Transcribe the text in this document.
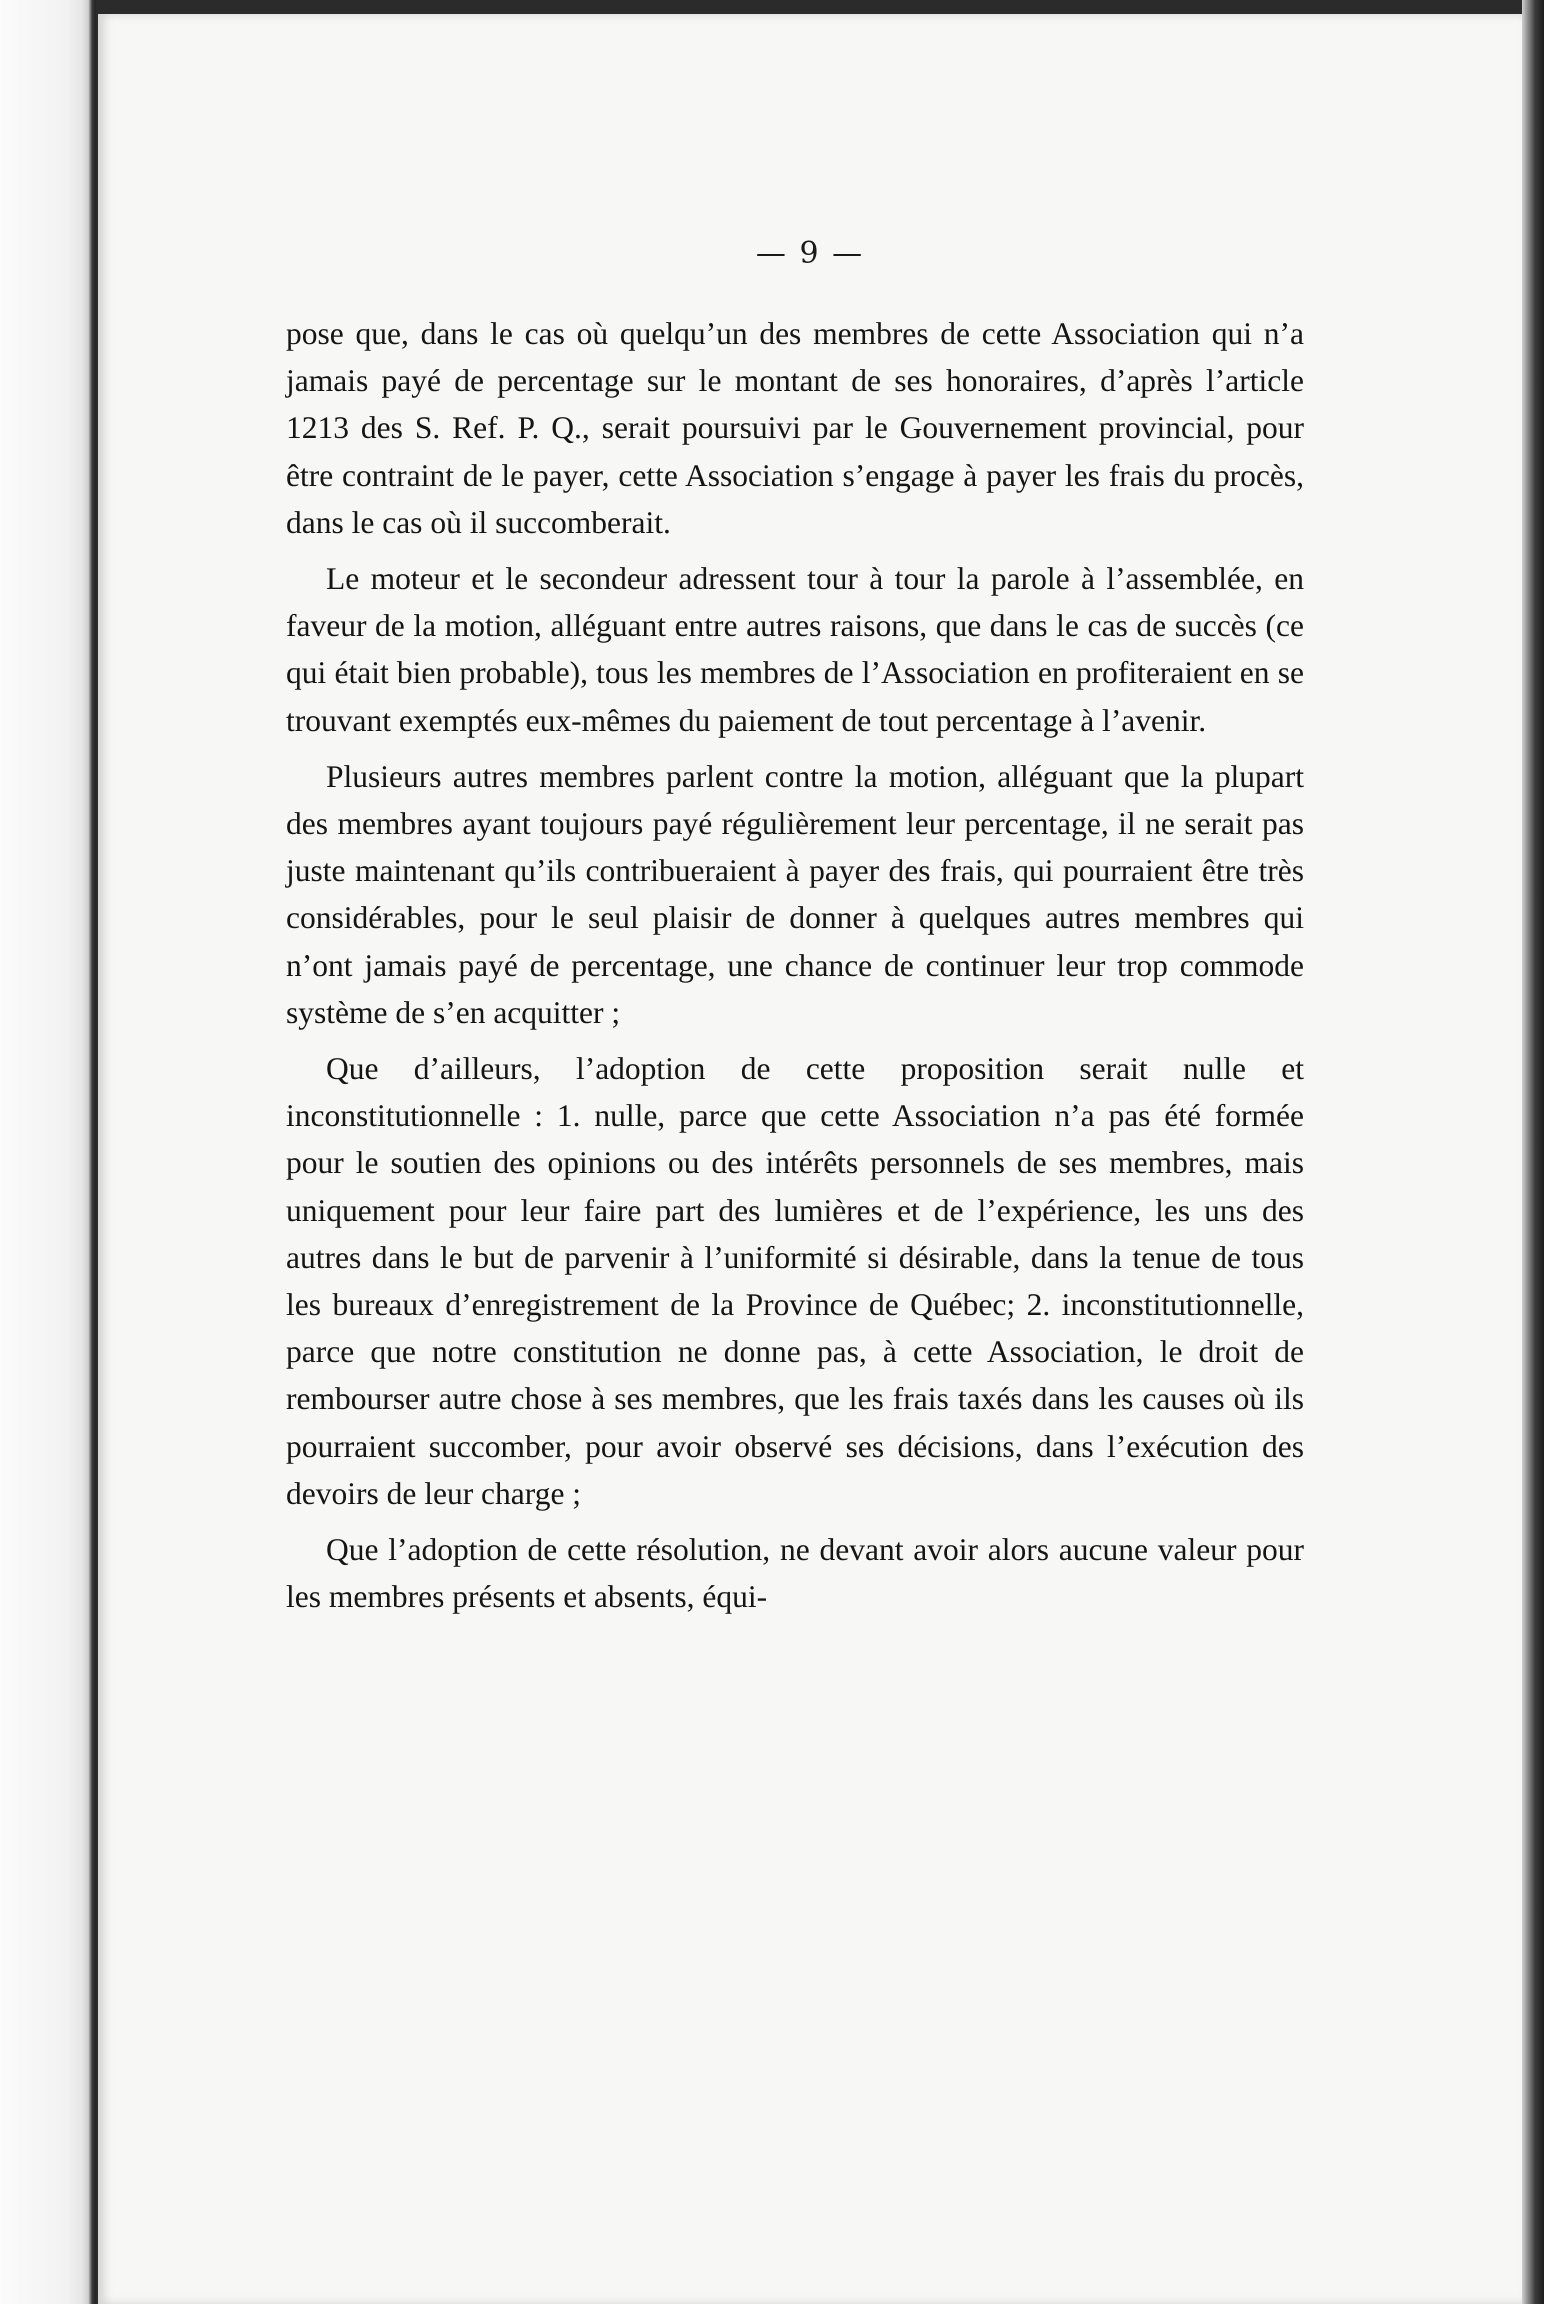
— 9 —

pose que, dans le cas où quelqu’un des membres de cette Association qui n’a jamais payé de percentage sur le montant de ses honoraires, d’après l’article 1213 des S. Ref. P. Q., serait poursuivi par le Gouvernement provincial, pour être contraint de le payer, cette Association s’engage à payer les frais du procès, dans le cas où il succomberait.

Le moteur et le secondeur adressent tour à tour la parole à l’assemblée, en faveur de la motion, alléguant entre autres raisons, que dans le cas de succès (ce qui était bien probable), tous les membres de l’Association en profiteraient en se trouvant exemptés eux-mêmes du paiement de tout percentage à l’avenir.

Plusieurs autres membres parlent contre la motion, alléguant que la plupart des membres ayant toujours payé régulièrement leur percentage, il ne serait pas juste maintenant qu’ils contribueraient à payer des frais, qui pourraient être très considérables, pour le seul plaisir de donner à quelques autres membres qui n’ont jamais payé de percentage, une chance de continuer leur trop commode système de s’en acquitter ;

Que d’ailleurs, l’adoption de cette proposition serait nulle et inconstitutionnelle : 1. nulle, parce que cette Association n’a pas été formée pour le soutien des opinions ou des intérêts personnels de ses membres, mais uniquement pour leur faire part des lumières et de l’expérience, les uns des autres dans le but de parvenir à l’uniformité si désirable, dans la tenue de tous les bureaux d’enregistrement de la Province de Québec; 2. inconstitutionnelle, parce que notre constitution ne donne pas, à cette Association, le droit de rembourser autre chose à ses membres, que les frais taxés dans les causes où ils pourraient succomber, pour avoir observé ses décisions, dans l’exécution des devoirs de leur charge ;

Que l’adoption de cette résolution, ne devant avoir alors aucune valeur pour les membres présents et absents, équi-
